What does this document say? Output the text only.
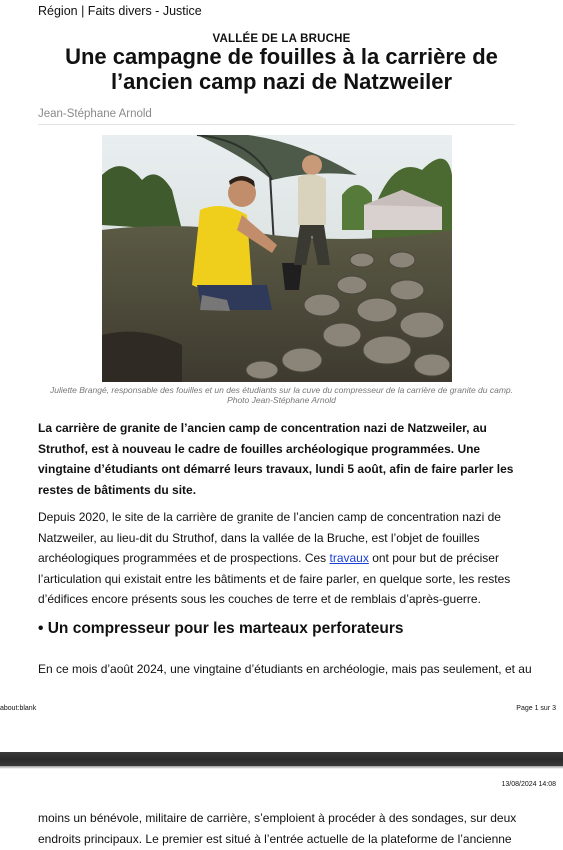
Région | Faits divers - Justice
VALLÉE DE LA BRUCHE
Une campagne de fouilles à la carrière de l’ancien camp nazi de Natzweiler
Jean-Stéphane Arnold
Juliette Brangé, responsable des fouilles et un des étudiants sur la cuve du compresseur de la carrière de granite du camp. Photo Jean-Stéphane Arnold

La carrière de granite de l’ancien camp de concentration nazi de Natzweiler, au Struthof, est à nouveau le cadre de fouilles archéologique programmées. Une vingtaine d’étudiants ont démarré leurs travaux, lundi 5 août, afin de faire parler les restes de bâtiments du site.

Depuis 2020, le site de la carrière de granite de l’ancien camp de concentration nazi de Natzweiler, au lieu-dit du Struthof, dans la vallée de la Bruche, est l’objet de fouilles archéologiques programmées et de prospections. Ces travaux ont pour but de préciser l’articulation qui existait entre les bâtiments et de faire parler, en quelque sorte, les restes d’édifices encore présents sous les couches de terre et de remblais d’après-guerre.

• Un compresseur pour les marteaux perforateurs

En ce mois d’août 2024, une vingtaine d’étudiants en archéologie, mais pas seulement, et au

about:blank	Page 1 sur 3
13/08/2024 14:08

moins un bénévole, militaire de carrière, s’emploient à procéder à des sondages, sur deux endroits principaux. Le premier est situé à l’entrée actuelle de la plateforme de l’ancienne
